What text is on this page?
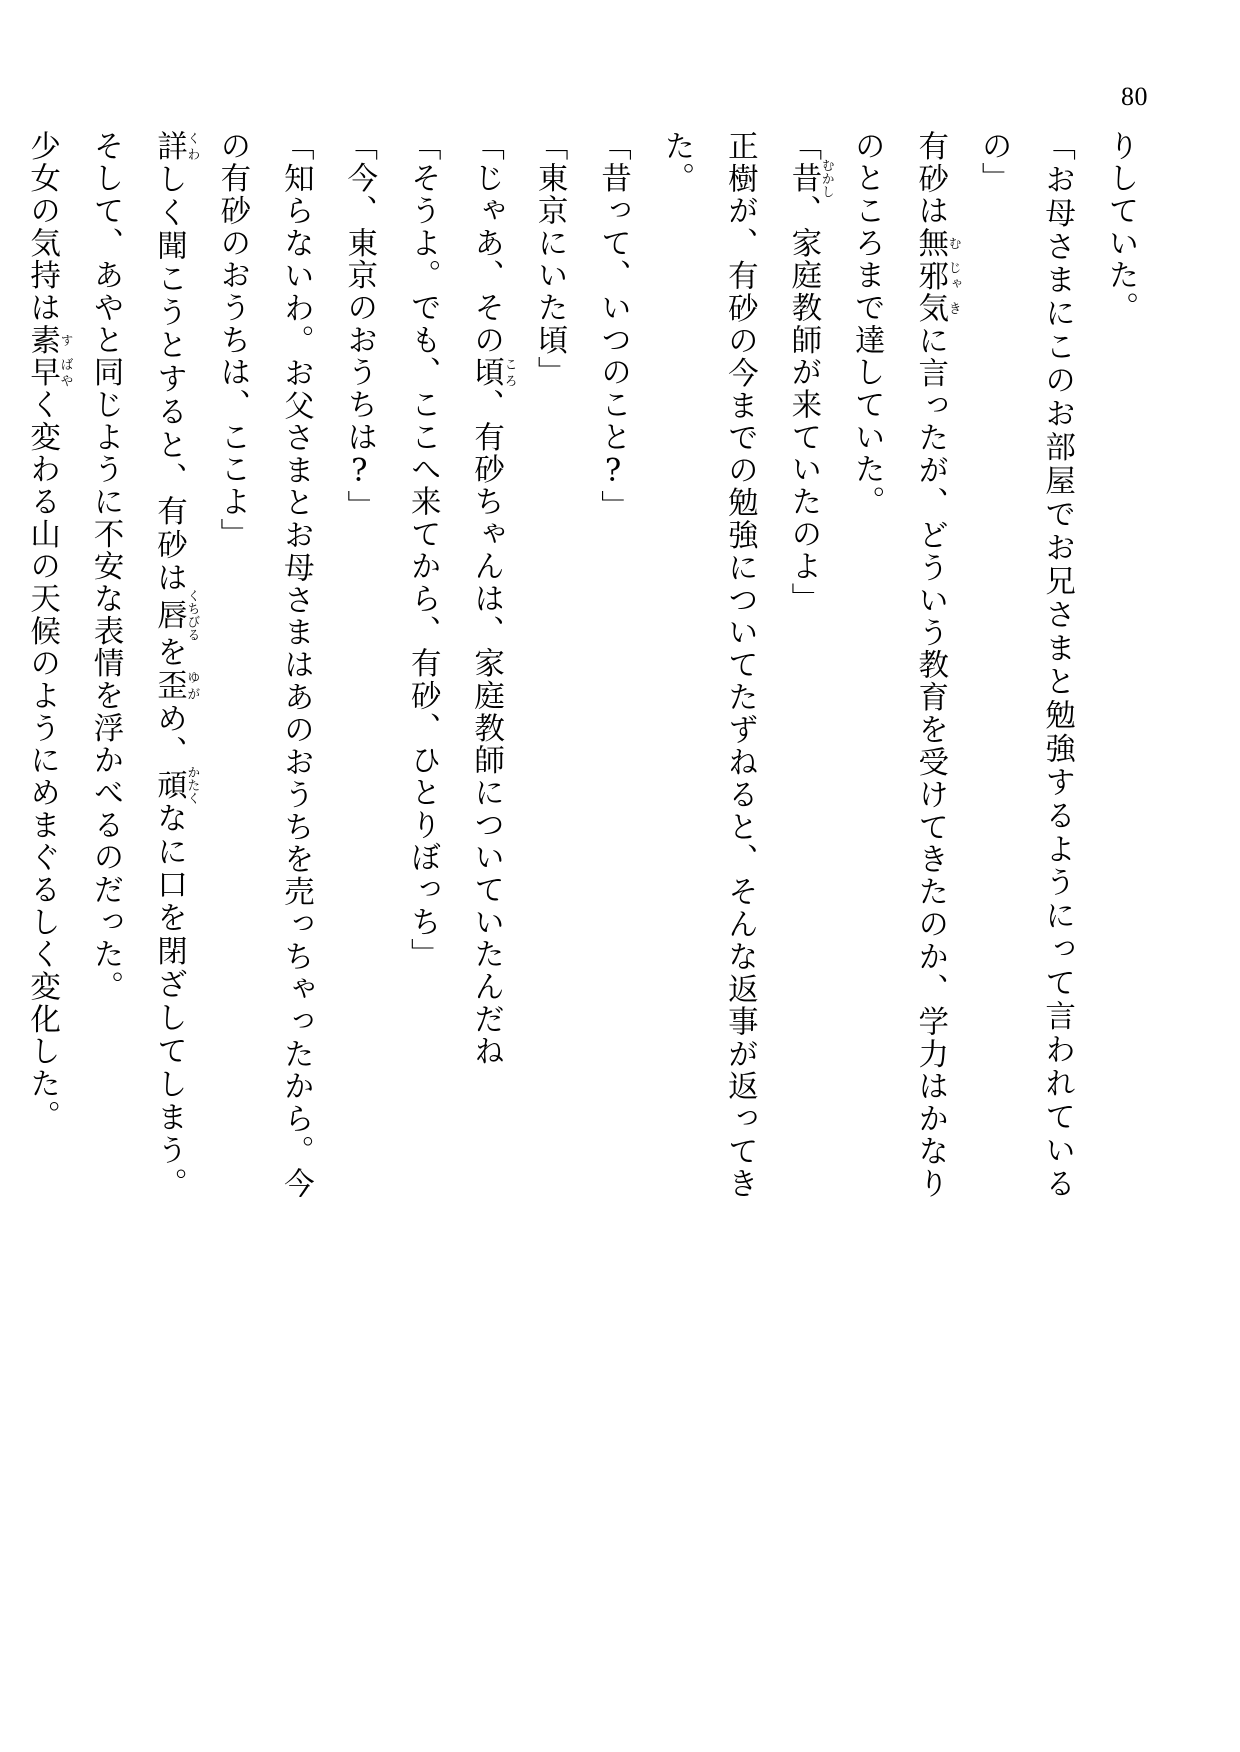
80

りしていた。

「お母さまにこのお部屋でお兄さまと勉強するようにって言われているの」

有砂は無む邪じゃ気きに言ったが、どういう教育を受けてきたのか、学力はかなりのところまで達していた。

「昔むかし、家庭教師が来ていたのよ」

正樹が、有砂の今までの勉強についてたずねると、そんな返事が返ってきた。

「昔って、いつのこと?」

「東京にいた頃」

「じゃあ、その頃ころ、有砂ちゃんは、家庭教師についていたんだね

「そうよ。でも、ここへ来てから、有砂、ひとりぼっち」

「今、東京のおうちは?」

「知らないわ。お父さまとお母さまはあのおうちを売っちゃったから。今の有砂のおうちは、ここよ」

詳くわしく聞こうとすると、有砂は唇くちびるを歪ゆがめ、頑かたくなに口を閉ざしてしまう。そして、あやと同じように不安な表情を浮かべるのだった。

少女の気持は素す早ばやく変わる山の天候のようにめまぐるしく変化した。
